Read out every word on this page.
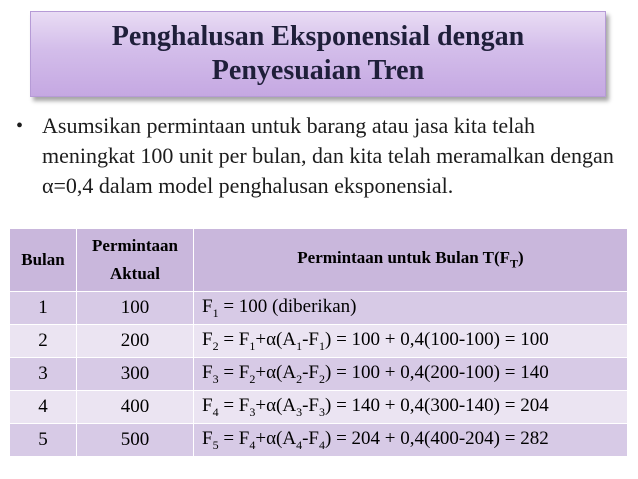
Penghalusan Eksponensial dengan
Penyesuaian Tren
• Asumsikan permintaan untuk barang atau jasa kita telah meningkat 100 unit per bulan, dan kita telah meramalkan dengan α=0,4 dalam model penghalusan eksponensial.
Bulan	Permintaan Aktual	Permintaan untuk Bulan $T(F_T)$
1	100	$F_1 = 100$ (diberikan)
2	200	$F_2 = F_1+\alpha(A_1-F_1) = 100 + 0,4(100-100) = 100$
3	300	$F_3 = F_2+\alpha(A_2-F_2) = 100 + 0,4(200-100) = 140$
4	400	$F_4 = F_3+\alpha(A_3-F_3) = 140 + 0,4(300-140) = 204$
5	500	$F_5 = F_4+\alpha(A_4-F_4) = 204 + 0,4(400-204) = 282$
